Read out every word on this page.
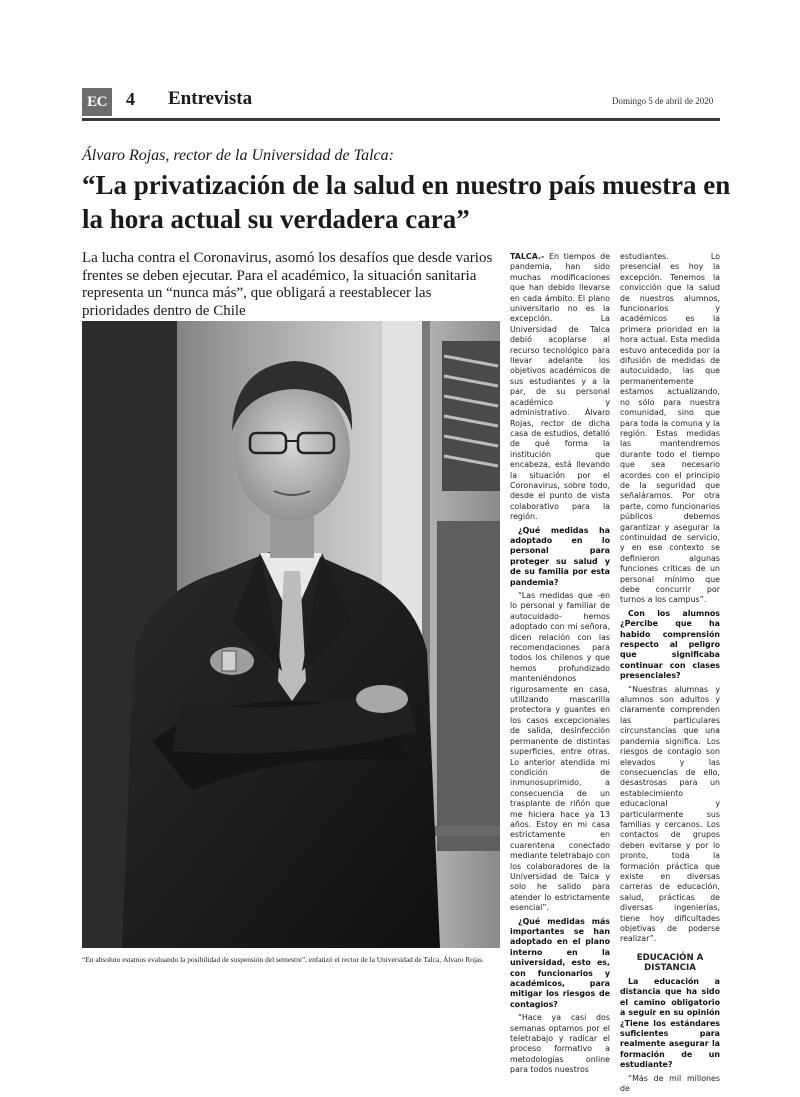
EC 4 Entrevista	Domingo 5 de abril de 2020
Álvaro Rojas, rector de la Universidad de Talca:
“La privatización de la salud en nuestro país muestra en la hora actual su verdadera cara”
La lucha contra el Coronavirus, asomó los desafíos que desde varios frentes se deben ejecutar. Para el académico, la situación sanitaria representa un “nunca más”, que obligará a reestablecer las prioridades dentro de Chile
“En absoluto estamos evaluando la posibilidad de suspensión del semestre”, enfatizó el rector de la Universidad de Talca, Álvaro Rojas.

TALCA.- En tiempos de pandemia, han sido muchas modificaciones que han debido llevarse en cada ámbito. El plano universitario no es la excepción. La Universidad de Talca debió acoplarse al recurso tecnológico para llevar adelante los objetivos académicos de sus estudiantes y a la par, de su personal académico y administrativo. Álvaro Rojas, rector de dicha casa de estudios, detalló de qué forma la institución que encabeza, está llevando la situación por el Coronavirus, sobre todo, desde el punto de vista colaborativo para la región.

¿Qué medidas ha adoptado en lo personal para proteger su salud y de su familia por esta pandemia?

“Las medidas que -en lo personal y familiar de autocuidado- hemos adoptado con mi señora, dicen relación con las recomendaciones para todos los chilenos y que hemos profundizado manteniéndonos rigurosamente en casa, utilizando mascarilla protectora y guantes en los casos excepcionales de salida, desinfección permanente de distintas superficies, entre otras. Lo anterior atendida mi condición de inmunosuprimido, a consecuencia de un trasplante de riñón que me hiciera hace ya 13 años. Estoy en mi casa estrictamente en cuarentena conectado mediante teletrabajo con los colaboradores de la Universidad de Talca y solo he salido para atender lo estrictamente esencial”.

¿Qué medidas más importantes se han adoptado en el plano interno en la universidad, esto es, con funcionarios y académicos, para mitigar los riesgos de contagios?

“Hace ya casi dos semanas optamos por el teletrabajo y radicar el proceso formativo a metodologías online para todos nuestros

estudiantes. Lo presencial es hoy la excepción. Tenemos la convicción que la salud de nuestros alumnos, funcionarios y académicos es la primera prioridad en la hora actual. Esta medida estuvo antecedida por la difusión de medidas de autocuidado, las que permanentemente estamos actualizando, no sólo para nuestra comunidad, sino que para toda la comuna y la región. Estas medidas las mantendremos durante todo el tiempo que sea necesario acordes con el principio de la seguridad que señaláramos. Por otra parte, como funcionarios públicos debemos garantizar y asegurar la continuidad de servicio, y en ese contexto se definieron algunas funciones críticas de un personal mínimo que debe concurrir por turnos a los campus”.

Con los alumnos ¿Percibe que ha habido comprensión respecto al peligro que significaba continuar con clases presenciales?

“Nuestras alumnas y alumnos son adultos y claramente comprenden las particulares circunstancias que una pandemia significa. Los riesgos de contagio son elevados y las consecuencias de ello, desastrosas para un establecimiento educacional y particularmente sus familias y cercanos. Los contactos de grupos deben evitarse y por lo pronto, toda la formación práctica que existe en diversas carreras de educación, salud, prácticas de diversas ingenierías, tiene hoy dificultades objetivas de poderse realizar”.

EDUCACIÓN A DISTANCIA

La educación a distancia que ha sido el camino obligatorio a seguir en su opinión ¿Tiene los estándares suficientes para realmente asegurar la formación de un estudiante?

“Más de mil millones de
